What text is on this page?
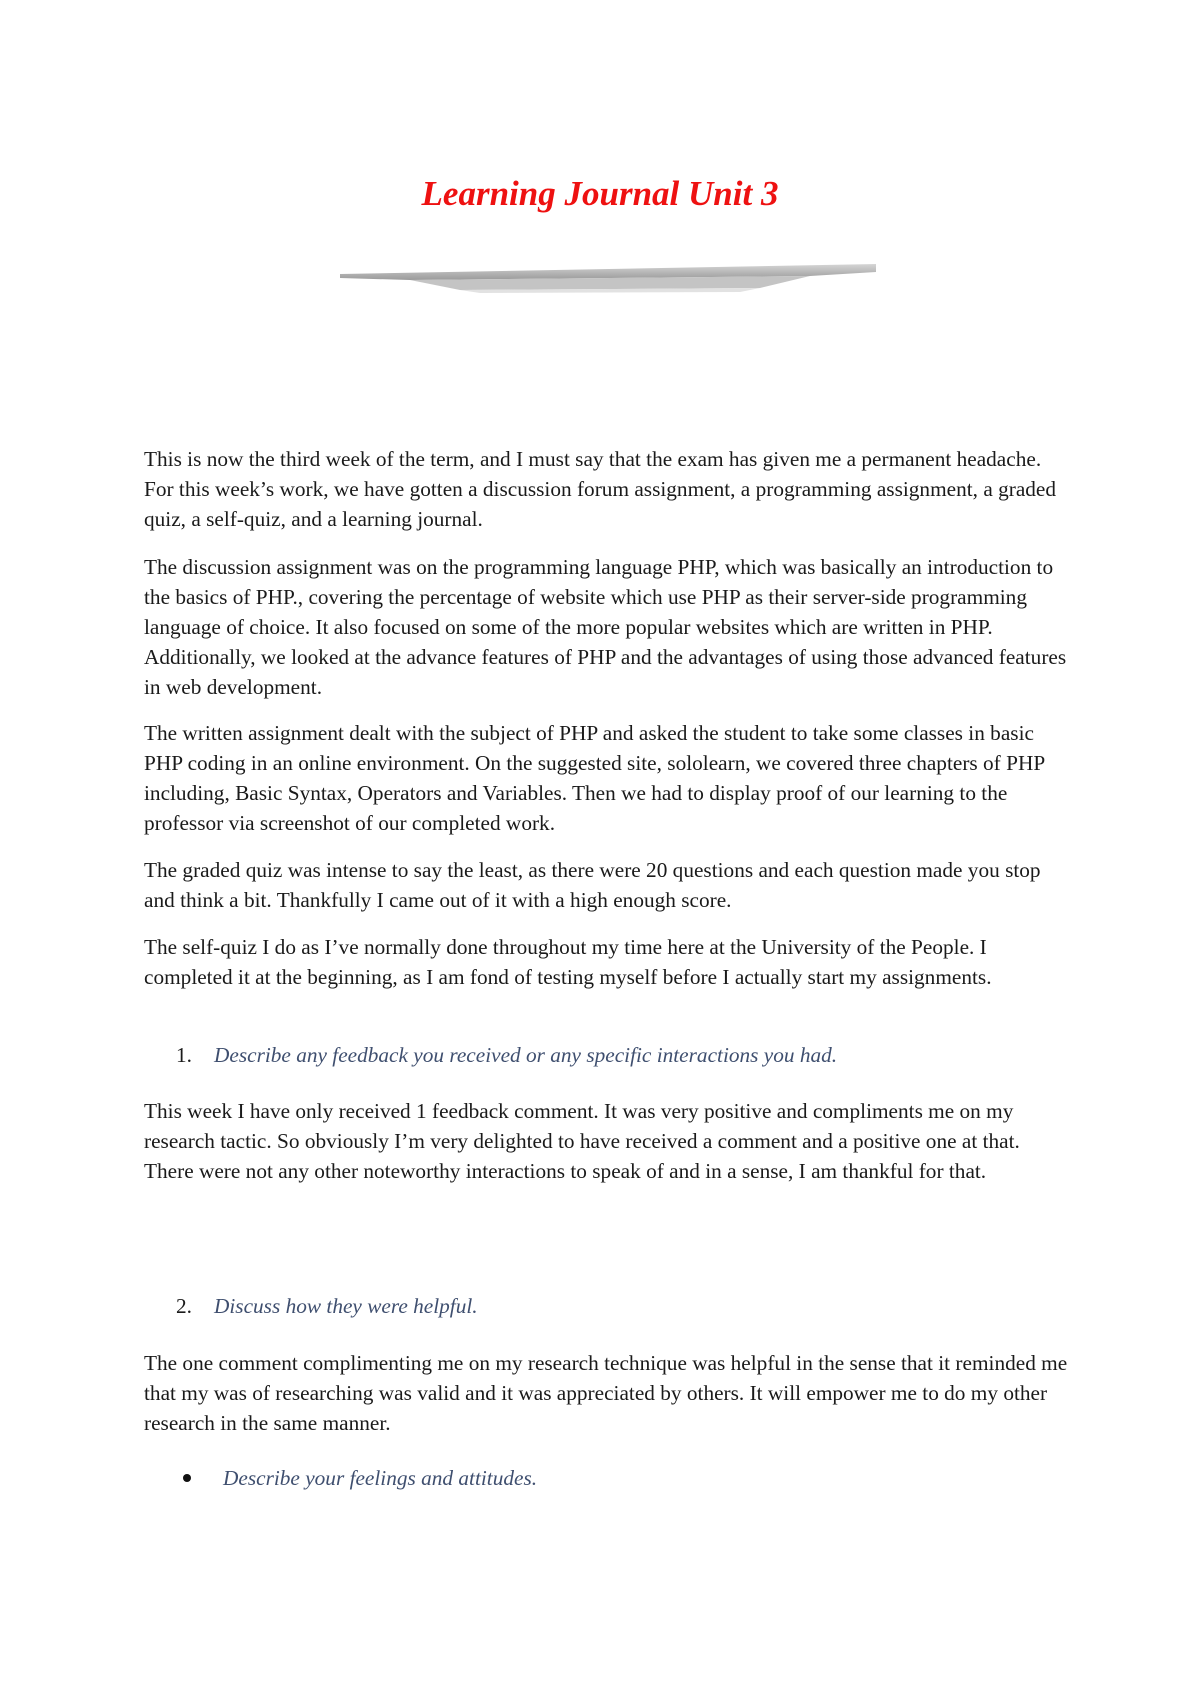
Learning Journal Unit 3

This is now the third week of the term, and I must say that the exam has given me a permanent headache. For this week’s work, we have gotten a discussion forum assignment, a programming assignment, a graded quiz, a self-quiz, and a learning journal.

The discussion assignment was on the programming language PHP, which was basically an introduction to the basics of PHP., covering the percentage of website which use PHP as their server-side programming language of choice. It also focused on some of the more popular websites which are written in PHP. Additionally, we looked at the advance features of PHP and the advantages of using those advanced features in web development.

The written assignment dealt with the subject of PHP and asked the student to take some classes in basic PHP coding in an online environment. On the suggested site, sololearn, we covered three chapters of PHP including, Basic Syntax, Operators and Variables. Then we had to display proof of our learning to the professor via screenshot of our completed work.

The graded quiz was intense to say the least, as there were 20 questions and each question made you stop and think a bit. Thankfully I came out of it with a high enough score.

The self-quiz I do as I’ve normally done throughout my time here at the University of the People. I completed it at the beginning, as I am fond of testing myself before I actually start my assignments.

1. Describe any feedback you received or any specific interactions you had.

This week I have only received 1 feedback comment. It was very positive and compliments me on my research tactic. So obviously I’m very delighted to have received a comment and a positive one at that. There were not any other noteworthy interactions to speak of and in a sense, I am thankful for that.

2. Discuss how they were helpful.

The one comment complimenting me on my research technique was helpful in the sense that it reminded me that my was of researching was valid and it was appreciated by others. It will empower me to do my other research in the same manner.

Describe your feelings and attitudes.
